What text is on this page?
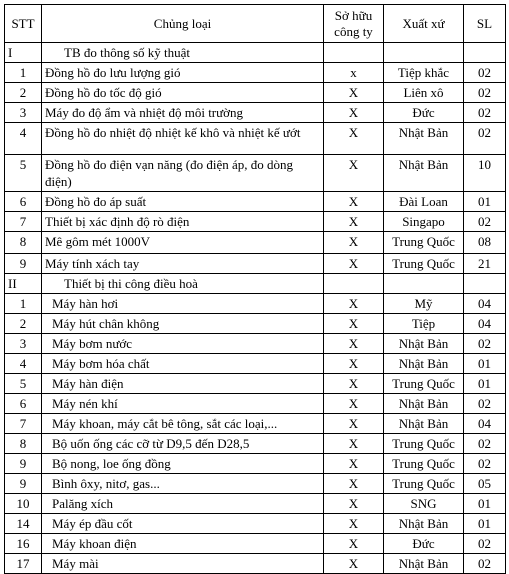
STT	Chủng loại	Sở hữu công ty	Xuất xứ	SL
I	TB đo thông số kỹ thuật			
1	Đồng hồ đo lưu lượng gió	x	Tiệp khắc	02
2	Đồng hồ đo tốc độ gió	X	Liên xô	02
3	Máy đo độ ẩm và nhiệt độ môi trường	X	Đức	02
4	Đồng hồ đo nhiệt độ nhiệt kế khô và nhiệt kế ướt	X	Nhật Bản	02
5	Đồng hồ đo điện vạn năng (đo điện áp, đo dòng điện)	X	Nhật Bản	10
6	Đồng hồ đo áp suất	X	Đài Loan	01
7	Thiết bị xác định độ rò điện	X	Singapo	02
8	Mê gôm mét 1000V	X	Trung Quốc	08
9	Máy tính xách tay	X	Trung Quốc	21
II	Thiết bị thi công điều hoà			
1	Máy hàn hơi	X	Mỹ	04
2	Máy hút chân không	X	Tiệp	04
3	Máy bơm nước	X	Nhật Bản	02
4	Máy bơm hóa chất	X	Nhật Bản	01
5	Máy hàn điện	X	Trung Quốc	01
6	Máy nén khí	X	Nhật Bản	02
7	Máy khoan, máy cắt bê tông, sắt các loại,...	X	Nhật Bản	04
8	Bộ uốn ống các cỡ từ D9,5 đến D28,5	X	Trung Quốc	02
9	Bộ nong, loe ống đồng	X	Trung Quốc	02
9	Bình ôxy, nitơ, gas...	X	Trung Quốc	05
10	Palăng xích	X	SNG	01
14	Máy ép đầu cốt	X	Nhật Bản	01
16	Máy khoan điện	X	Đức	02
17	Máy mài	X	Nhật Bản	02
